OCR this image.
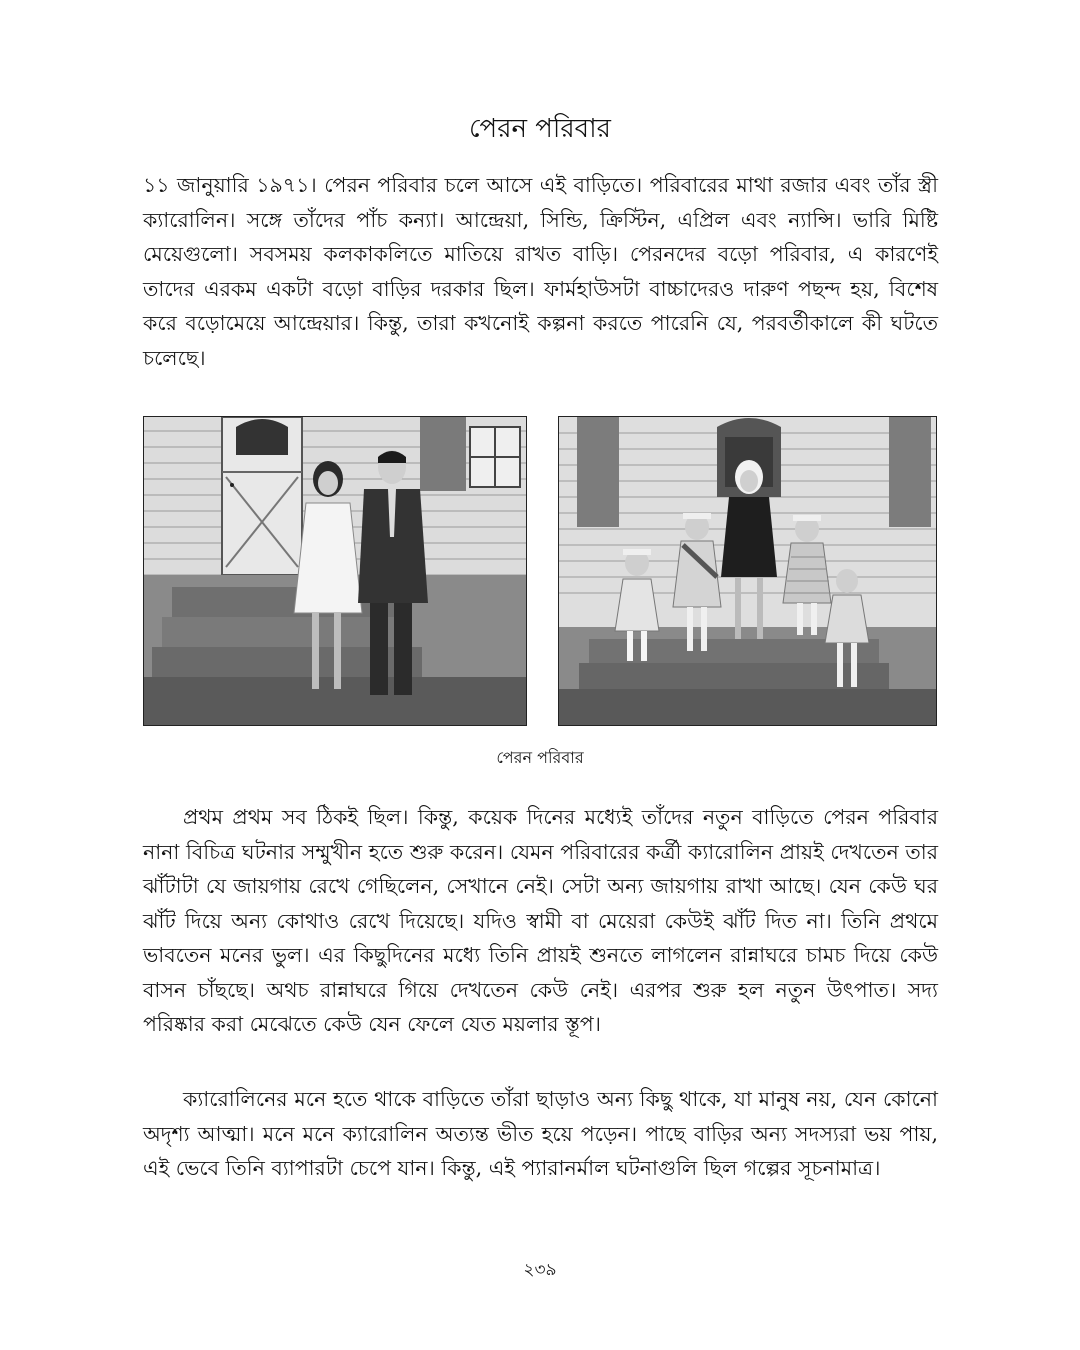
পেরন পরিবার

১১ জানুয়ারি ১৯৭১। পেরন পরিবার চলে আসে এই বাড়িতে। পরিবারের মাথা রজার এবং তাঁর স্ত্রী ক্যারোলিন। সঙ্গে তাঁদের পাঁচ কন্যা। আন্দ্রেয়া, সিন্ডি, ক্রিস্টিন, এপ্রিল এবং ন্যান্সি। ভারি মিষ্টি মেয়েগুলো। সবসময় কলকাকলিতে মাতিয়ে রাখত বাড়ি। পেরনদের বড়ো পরিবার, এ কারণেই তাদের এরকম একটা বড়ো বাড়ির দরকার ছিল। ফার্মহাউসটা বাচ্চাদেরও দারুণ পছন্দ হয়, বিশেষ করে বড়োমেয়ে আন্দ্রেয়ার। কিন্তু, তারা কখনোই কল্পনা করতে পারেনি যে, পরবর্তীকালে কী ঘটতে চলেছে।

পেরন পরিবার

প্রথম প্রথম সব ঠিকই ছিল। কিন্তু, কয়েক দিনের মধ্যেই তাঁদের নতুন বাড়িতে পেরন পরিবার নানা বিচিত্র ঘটনার সম্মুখীন হতে শুরু করেন। যেমন পরিবারের কর্ত্রী ক্যারোলিন প্রায়ই দেখতেন তার ঝাঁটাটা যে জায়গায় রেখে গেছিলেন, সেখানে নেই। সেটা অন্য জায়গায় রাখা আছে। যেন কেউ ঘর ঝাঁট দিয়ে অন্য কোথাও রেখে দিয়েছে। যদিও স্বামী বা মেয়েরা কেউই ঝাঁট দিত না। তিনি প্রথমে ভাবতেন মনের ভুল। এর কিছুদিনের মধ্যে তিনি প্রায়ই শুনতে লাগলেন রান্নাঘরে চামচ দিয়ে কেউ বাসন চাঁছছে। অথচ রান্নাঘরে গিয়ে দেখতেন কেউ নেই। এরপর শুরু হল নতুন উৎপাত। সদ্য পরিষ্কার করা মেঝেতে কেউ যেন ফেলে যেত ময়লার স্তূপ।

ক্যারোলিনের মনে হতে থাকে বাড়িতে তাঁরা ছাড়াও অন্য কিছু থাকে, যা মানুষ নয়, যেন কোনো অদৃশ্য আত্মা। মনে মনে ক্যারোলিন অত্যন্ত ভীত হয়ে পড়েন। পাছে বাড়ির অন্য সদস্যরা ভয় পায়, এই ভেবে তিনি ব্যাপারটা চেপে যান। কিন্তু, এই প্যারানর্মাল ঘটনাগুলি ছিল গল্পের সূচনামাত্র।

২৩৯
